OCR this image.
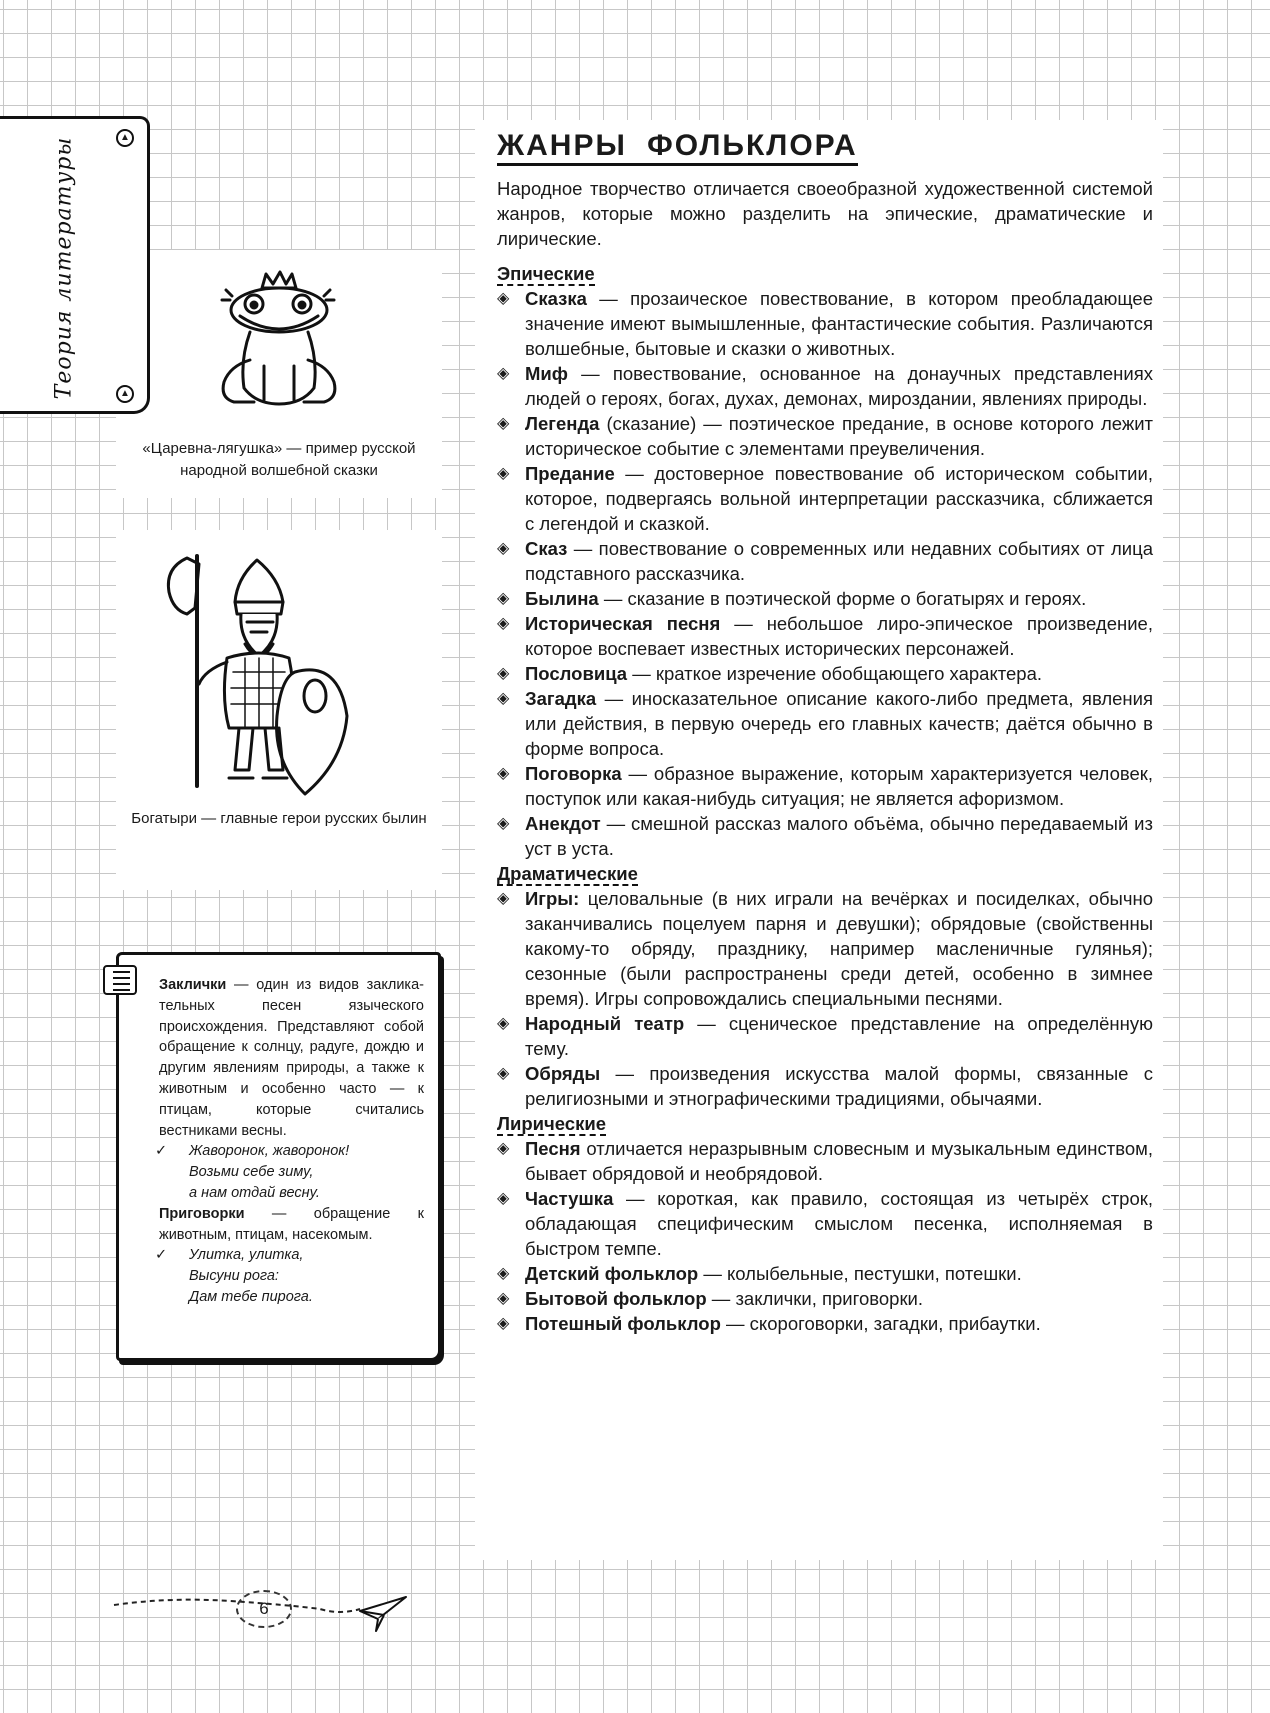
Теория литературы	▲
▲
«Царевна-лягушка» — пример русской народной волшебной сказки
Богатыри — главные герои русских былин

Заклички — один из видов закликательных песен языческого происхождения. Представляют собой обращение к солнцу, радуге, дождю и другим явлениям природы, а также к животным и особенно часто — к птицам, которые считались вестниками весны.

✓	Жаворонок, жаворонок!
Возьми себе зиму,
а нам отдай весну.

Приговорки — обращение к животным, птицам, насекомым.

✓	Улитка, улитка,
Высуни рога:
Дам тебе пирога.
ЖАНРЫ ФОЛЬКЛОРА

Народное творчество отличается своеобразной художественной системой жанров, которые можно разделить на эпические, драматические и лирические.

Эпические

◈ Сказка — прозаическое повествование, в котором преобладающее значение имеют вымышленные, фантастические события. Различаются волшебные, бытовые и сказки о животных.
◈ Миф — повествование, основанное на донаучных представлениях людей о героях, богах, духах, демонах, мироздании, явлениях природы.
◈ Легенда (сказание) — поэтическое предание, в основе которого лежит историческое событие с элементами преувеличения.
◈ Предание — достоверное повествование об историческом событии, которое, подвергаясь вольной интерпретации рассказчика, сближается с легендой и сказкой.
◈ Сказ — повествование о современных или недавних событиях от лица подставного рассказчика.
◈ Былина — сказание в поэтической форме о богатырях и героях.
◈ Историческая песня — небольшое лиро-эпическое произведение, которое воспевает известных исторических персонажей.
◈ Пословица — краткое изречение обобщающего характера.
◈ Загадка — иносказательное описание какого-либо предмета, явления или действия, в первую очередь его главных качеств; даётся обычно в форме вопроса.
◈ Поговорка — образное выражение, которым характеризуется человек, поступок или какая-нибудь ситуация; не является афоризмом.
◈ Анекдот — смешной рассказ малого объёма, обычно передаваемый из уст в уста.

Драматические

◈ Игры: целовальные (в них играли на вечёрках и посиделках, обычно заканчивались поцелуем парня и девушки); обрядовые (свойственны какому-то обряду, празднику, например масленичные гулянья); сезонные (были распространены среди детей, особенно в зимнее время). Игры сопровождались специальными песнями.
◈ Народный театр — сценическое представление на определённую тему.
◈ Обряды — произведения искусства малой формы, связанные с религиозными и этнографическими традициями, обычаями.

Лирические

◈ Песня отличается неразрывным словесным и музыкальным единством, бывает обрядовой и необрядовой.
◈ Частушка — короткая, как правило, состоящая из четырёх строк, обладающая специфическим смыслом песенка, исполняемая в быстром темпе.
◈ Детский фольклор — колыбельные, пестушки, потешки.
◈ Бытовой фольклор — заклички, приговорки.
◈ Потешный фольклор — скороговорки, загадки, прибаутки.
6
